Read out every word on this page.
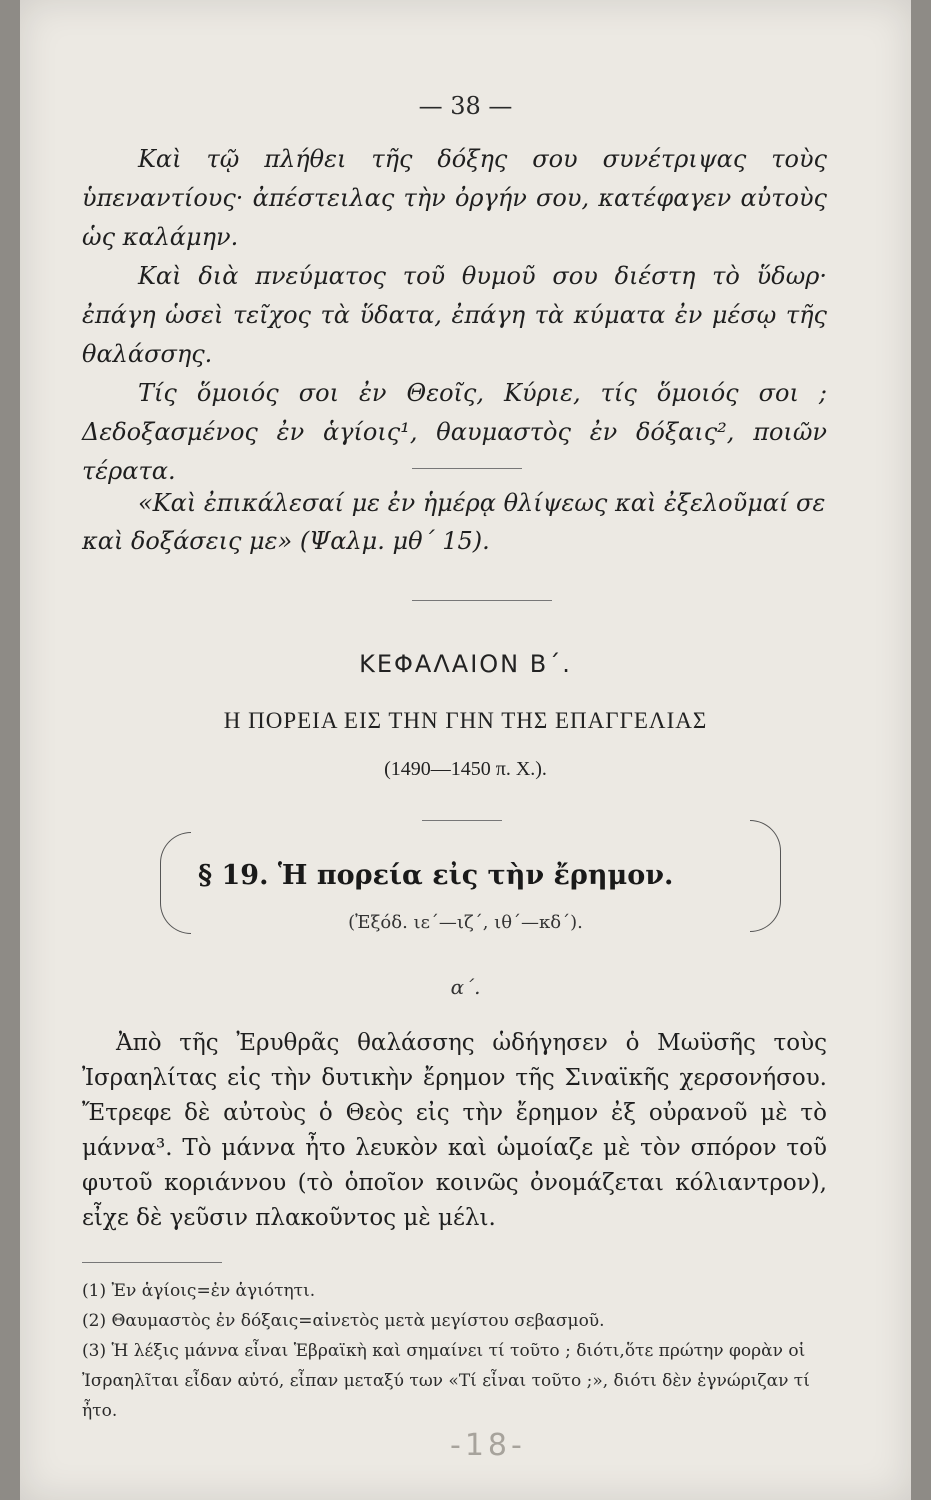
— 38 —

Καὶ τῷ πλήθει τῆς δόξης σου συνέτριψας τοὺς ὑπεναντίους· ἀπέστειλας τὴν ὀργήν σου, κατέφαγεν αὐτοὺς ὡς καλάμην.

Καὶ διὰ πνεύματος τοῦ θυμοῦ σου διέστη τὸ ὕδωρ· ἐπάγη ὡσεὶ τεῖχος τὰ ὕδατα, ἐπάγη τὰ κύματα ἐν μέσῳ τῆς θαλάσσης.

Τίς ὅμοιός σοι ἐν Θεοῖς, Κύριε, τίς ὅμοιός σοι ; Δεδοξασμένος ἐν ἁγίοις¹, θαυμαστὸς ἐν δόξαις², ποιῶν τέρατα.

«Καὶ ἐπικάλεσαί με ἐν ἡμέρᾳ θλίψεως καὶ ἐξελοῦμαί σε καὶ δοξάσεις με» (Ψαλμ. μθ΄ 15).
ΚΕΦΑΛΑΙΟΝ Β΄.
Η ΠΟΡΕΙΑ ΕΙΣ ΤΗΝ ΓΗΝ ΤΗΣ ΕΠΑΓΓΕΛΙΑΣ
(1490—1450 π. Χ.).
§ 19. Ἡ πορεία εἰς τὴν ἔρημον.
(Ἐξόδ. ιε΄—ιζ΄, ιθ΄—κδ΄).
α΄.

Ἀπὸ τῆς Ἐρυθρᾶς θαλάσσης ὡδήγησεν ὁ Μωϋσῆς τοὺς Ἰσραηλίτας εἰς τὴν δυτικὴν ἔρημον τῆς Σιναϊκῆς χερσονήσου. Ἔτρεφε δὲ αὐτοὺς ὁ Θεὸς εἰς τὴν ἔρημον ἐξ οὐρανοῦ μὲ τὸ μάννα³. Τὸ μάννα ἦτο λευκὸν καὶ ὡμοίαζε μὲ τὸν σπόρον τοῦ φυτοῦ κοριάννου (τὸ ὁποῖον κοινῶς ὀνομάζεται κόλιαντρον), εἶχε δὲ γεῦσιν πλακοῦντος μὲ μέλι.

(1) Ἐν ἁγίοις=ἐν ἁγιότητι.

(2) Θαυμαστὸς ἐν δόξαις=αἰνετὸς μετὰ μεγίστου σεβασμοῦ.

(3) Ἡ λέξις μάννα εἶναι Ἑβραϊκὴ καὶ σημαίνει τί τοῦτο ; διότι,ὅτε πρώτην φορὰν οἱ Ἰσραηλῖται εἶδαν αὐτό, εἶπαν μεταξύ των «Τί εἶναι τοῦτο ;», διότι δὲν ἐγνώριζαν τί ἦτο.

-18-
